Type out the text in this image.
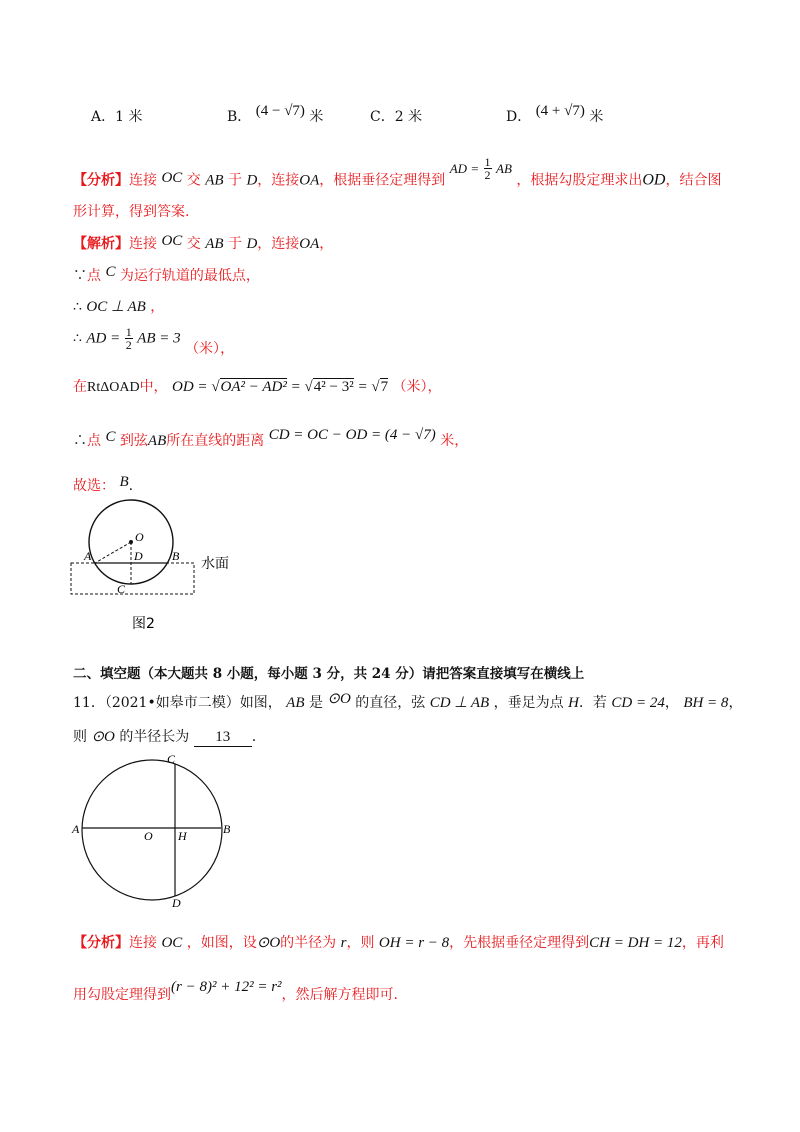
A．1 米	B． (4 − √7) 米	C．2 米	D． (4 + √7) 米
【分析】连接 OC 交 AB 于 D，连接OA，根据垂径定理得到 AD = $\frac{1}{2}$ AB ，根据勾股定理求出OD，结合图
形计算，得到答案.
【解析】连接 OC 交 AB 于 D，连接OA，
∵点 C 为运行轨道的最低点，
∴ OC ⊥ AB ，
∴ AD = $\frac{1}{2}$ AB = 3 （米），
在RtΔOAD中， OD = √OA² − AD² = √4² − 3² = √7 （米），
∴点 C 到弦AB所在直线的距离 CD = OC − OD = (4 − √7) 米，
故选： B.
O
A	D B
C
水面
图2
二、填空题（本大题共 8 小题，每小题 3 分，共 24 分）请把答案直接填写在横线上
11．（2021•如皋市二模）如图， AB 是 ⊙O 的直径，弦 CD ⊥ AB ，垂足为点 H．若 CD = 24， BH = 8，
则 ⊙O 的半径长为 13 .
C
A	O H	B
D
【分析】连接 OC ，如图，设⊙O的半径为 r，则 OH = r − 8，先根据垂径定理得到CH = DH = 12，再利
用勾股定理得到(r − 8)² + 12² = r²，然后解方程即可.
